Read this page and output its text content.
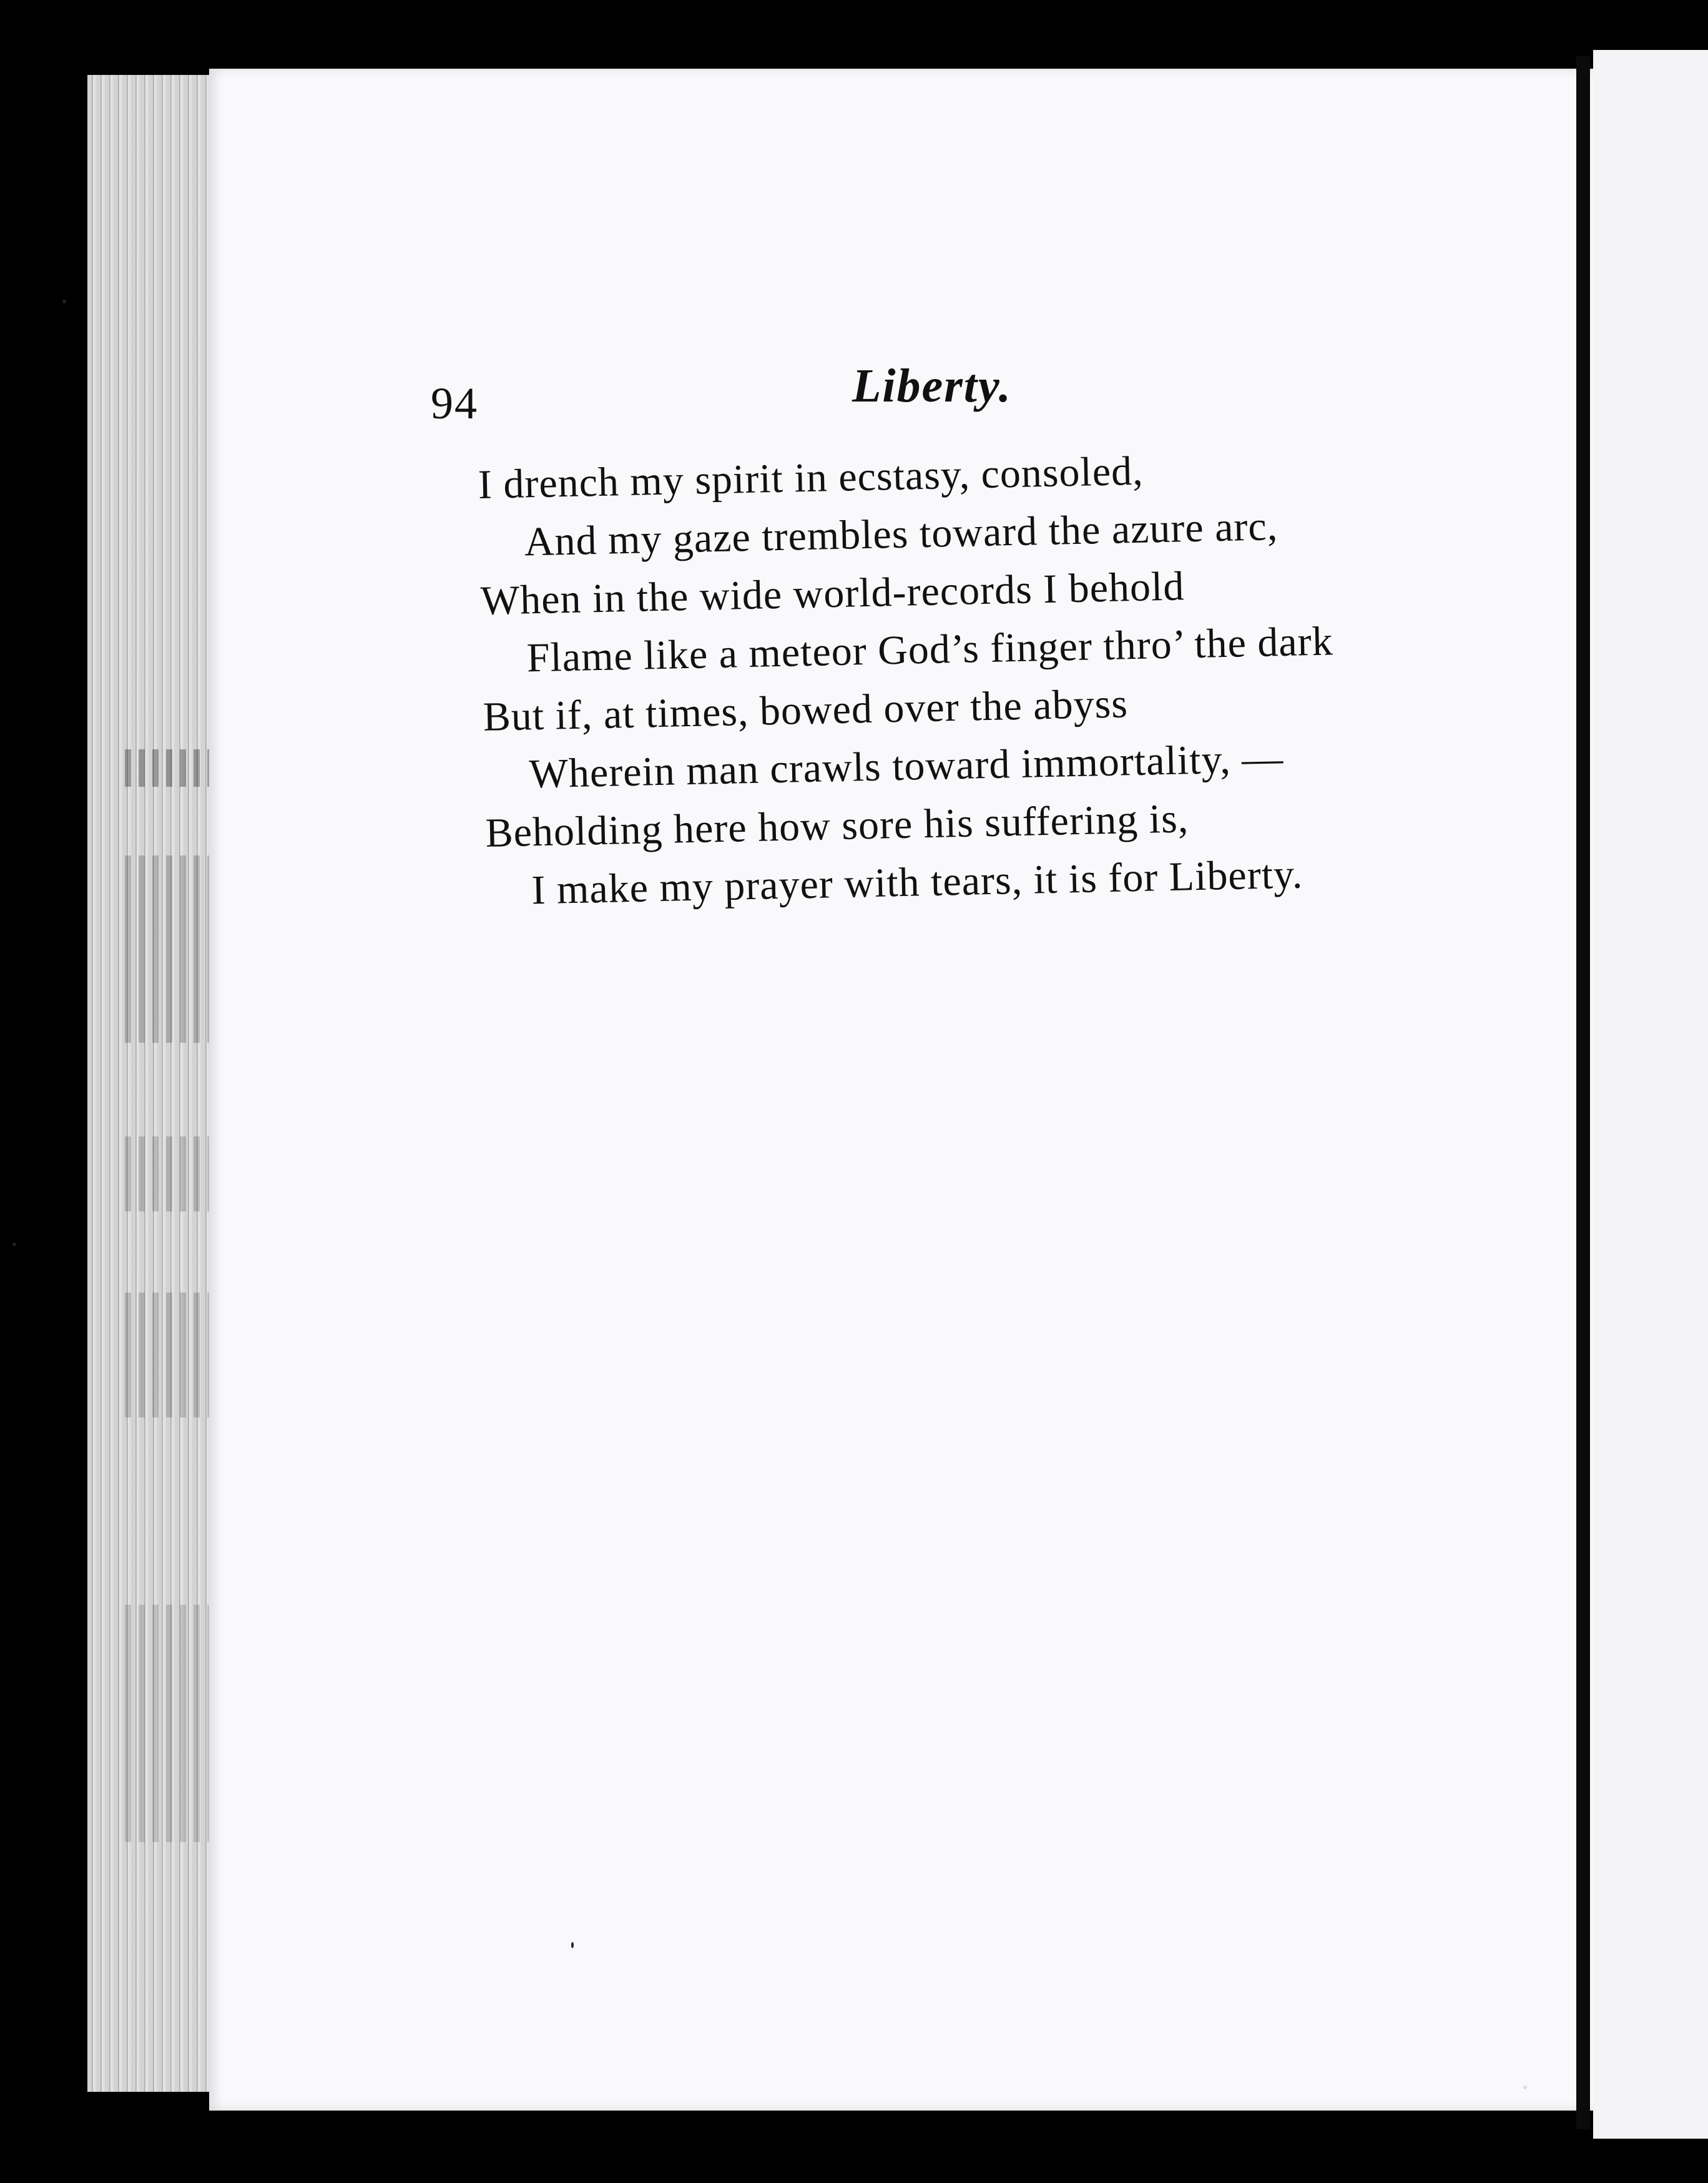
94	Liberty.
I drench my spirit in ecstasy, consoled,
And my gaze trembles toward the azure arc,
When in the wide world-records I behold
Flame like a meteor God’s finger thro’ the dark
But if, at times, bowed over the abyss
Wherein man crawls toward immortality, —
Beholding here how sore his suffering is,
I make my prayer with tears, it is for Liberty.
